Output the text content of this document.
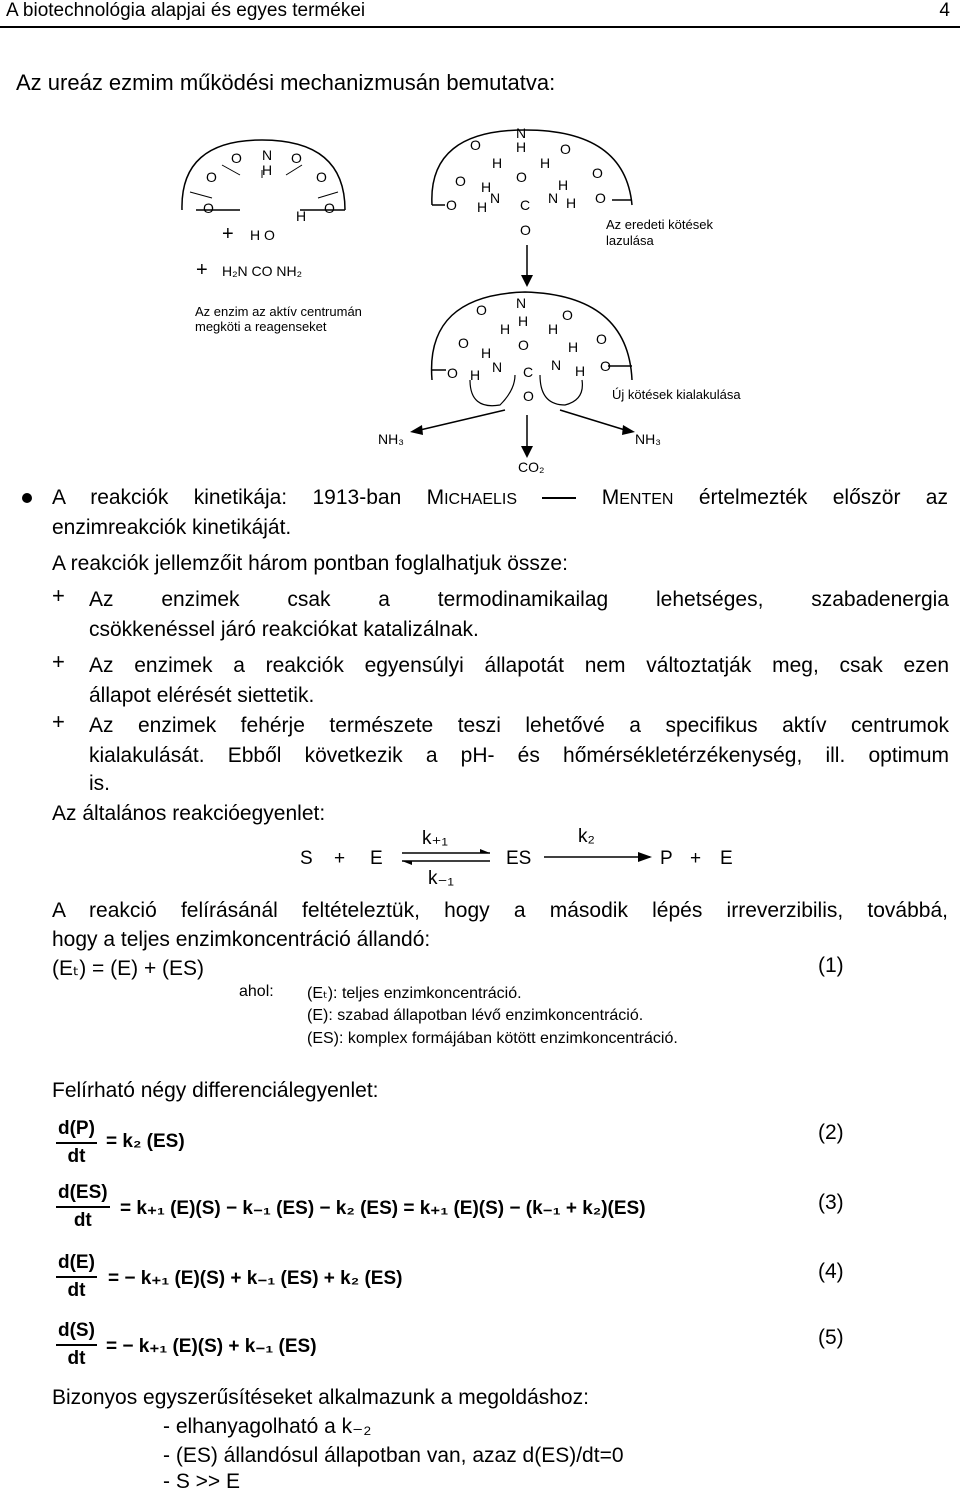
A biotechnológia alapjai és egyes termékei	4
Az ureáz ezmim működési mechanizmusán bemutatva:
O N
H
O
O	O
O	O
H
+ H O
+ H₂N CO NH₂
Az enzim az aktív centrumán
megköti a reagenseket
O
H
N
H
H
O
O H
O H
O
O H
N C N H O
O	Az eredeti kötések
lazulása
O N
H H H
O
O
H O	H O
O H N C N H O
O	Új kötések kialakulása
NH₃	NH₃
CO₂
A reakciók kinetikája: 1913-ban MICHAELIS	MENTEN értelmezték először az
enzimreakciók kinetikáját.
A reakciók jellemzőit három pontban foglalhatjuk össze:
+ Az enzimek csak a termodinamikailag lehetséges, szabadenergia
csökkenéssel járó reakciókat katalizálnak.
+ Az enzimek a reakciók egyensúlyi állapotát nem változtatják meg, csak ezen
állapot elérését siettetik.
+ Az enzimek fehérje természete teszi lehetővé a specifikus aktív centrumok
kialakulását. Ebből következik a pH- és hőmérsékletérzékenység, ill. optimum
is.
Az általános reakcióegyenlet:
S + E
k₊₁
k₋₁
ES
k₂
P + E
A reakció felírásánál feltételeztük, hogy a második lépés irreverzibilis, továbbá,
hogy a teljes enzimkoncentráció állandó:
(Eₜ) = (E) + (ES)	(1)
ahol: (Eₜ): teljes enzimkoncentráció.
(E): szabad állapotban lévő enzimkoncentráció.
(ES): komplex formájában kötött enzimkoncentráció.
Felírható négy differenciálegyenlet:
$\frac{d(P)}{dt} = k_2$ (ES)	(2)
$\frac{d(ES)}{dt} = k_{+1}$ (E)(S) − k₋₁ (ES) − k₂ (ES) = k₊₁ (E)(S) − (k₋₁ + k₂)(ES)	(3)
$\frac{d(E)}{dt}$ = − k₊₁ (E)(S) + k₋₁ (ES) + k₂ (ES)	(4)
$\frac{d(S)}{dt}$ = − k₊₁ (E)(S) + k₋₁ (ES)	(5)
Bizonyos egyszerűsítéseket alkalmazunk a megoldáshoz:
- elhanyagolható a k₋₂
- (ES) állandósul állapotban van, azaz d(ES)/dt=0
- S >> E
